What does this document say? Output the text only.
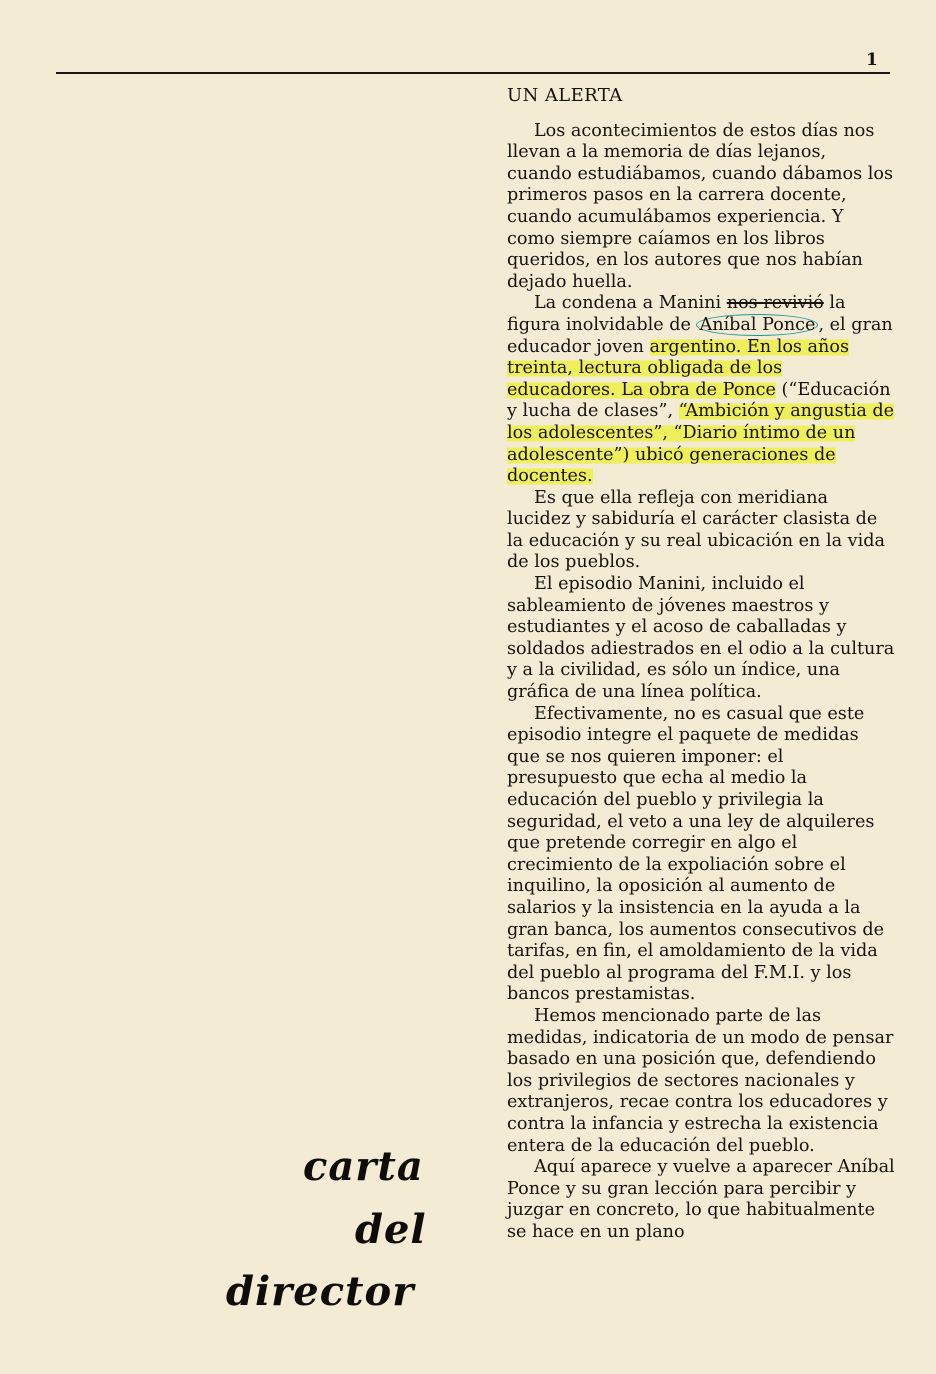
1
UN ALERTA

Los acontecimientos de estos días nos llevan a la memoria de días lejanos, cuando estudiábamos, cuando dábamos los primeros pasos en la carrera docente, cuando acumulábamos experiencia. Y como siempre caíamos en los libros queridos, en los autores que nos habían dejado huella.

La condena a Manini nos revivió la figura inolvidable de Aníbal Ponce , el gran educador joven argentino. En los años treinta, lectura obligada de los educadores. La obra de Ponce (“Educación y lucha de clases”, “Ambición y angustia de los adolescentes”, “Diario íntimo de un adolescente”) ubicó generaciones de docentes.

Es que ella refleja con meridiana lucidez y sabiduría el carácter clasista de la educación y su real ubicación en la vida de los pueblos.

El episodio Manini, incluido el sableamiento de jóvenes maestros y estudiantes y el acoso de caballadas y soldados adiestrados en el odio a la cultura y a la civilidad, es sólo un índice, una gráfica de una línea política.

Efectivamente, no es casual que este episodio integre el paquete de medidas que se nos quieren imponer: el presupuesto que echa al medio la educación del pueblo y privilegia la seguridad, el veto a una ley de alquileres que pretende corregir en algo el crecimiento de la expoliación sobre el inquilino, la oposición al aumento de salarios y la insistencia en la ayuda a la gran banca, los aumentos consecutivos de tarifas, en fin, el amoldamiento de la vida del pueblo al programa del F.M.I. y los bancos prestamistas.

Hemos mencionado parte de las medidas, indicatoria de un modo de pensar basado en una posición que, defendiendo los privilegios de sectores nacionales y extranjeros, recae contra los educadores y contra la infancia y estrecha la existencia entera de la educación del pueblo.

Aquí aparece y vuelve a aparecer Aníbal Ponce y su gran lección para percibir y juzgar en concreto, lo que habitualmente se hace en un plano

carta
del
director
